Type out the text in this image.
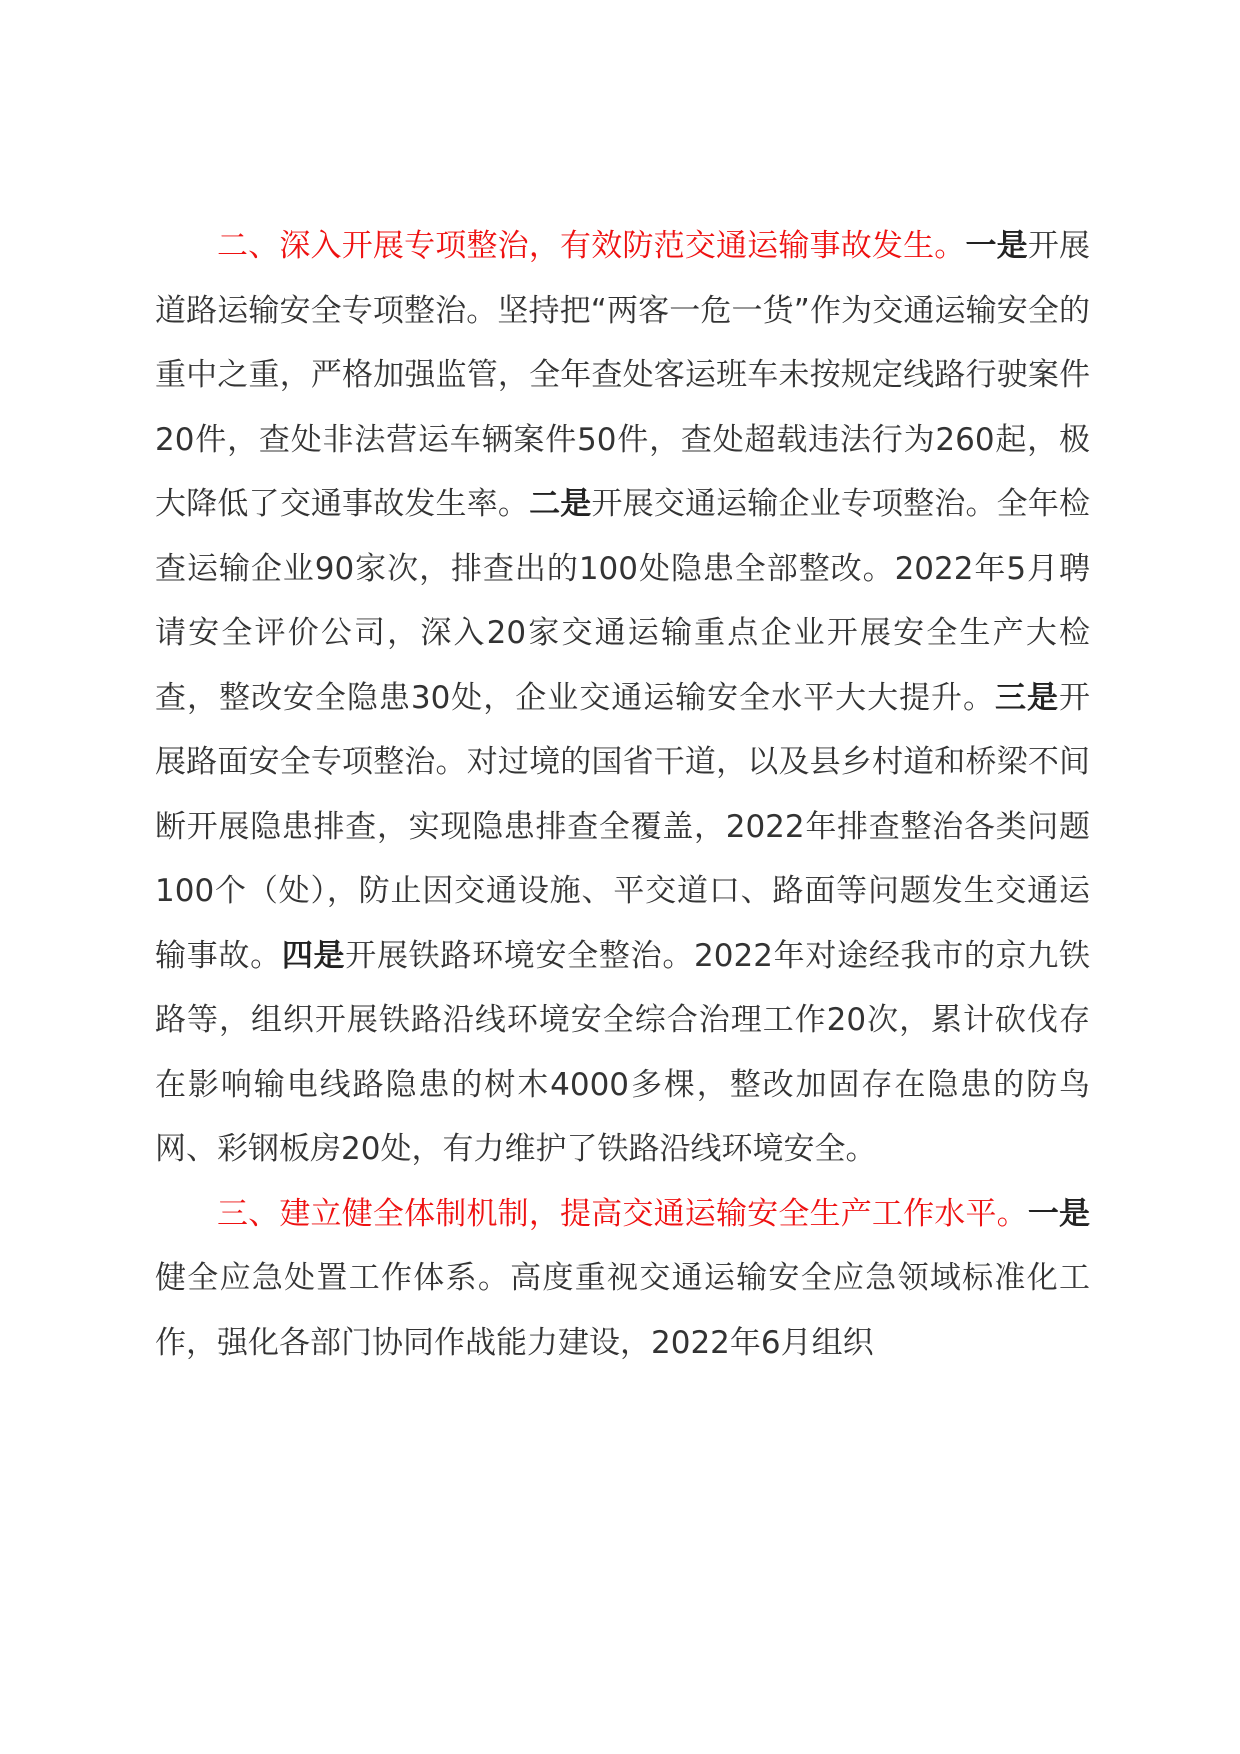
二、深入开展专项整治，有效防范交通运输事故发生。一是开展道路运输安全专项整治。坚持把“两客一危一货”作为交通运输安全的重中之重，严格加强监管，全年查处客运班车未按规定线路行驶案件20件，查处非法营运车辆案件50件，查处超载违法行为260起，极大降低了交通事故发生率。二是开展交通运输企业专项整治。全年检查运输企业90家次，排查出的100处隐患全部整改。2022年5月聘请安全评价公司，深入20家交通运输重点企业开展安全生产大检查，整改安全隐患30处，企业交通运输安全水平大大提升。三是开展路面安全专项整治。对过境的国省干道，以及县乡村道和桥梁不间断开展隐患排查，实现隐患排查全覆盖，2022年排查整治各类问题100个（处），防止因交通设施、平交道口、路面等问题发生交通运输事故。四是开展铁路环境安全整治。2022年对途经我市的京九铁路等，组织开展铁路沿线环境安全综合治理工作20次，累计砍伐存在影响输电线路隐患的树木4000多棵，整改加固存在隐患的防鸟网、彩钢板房20处，有力维护了铁路沿线环境安全。

三、建立健全体制机制，提高交通运输安全生产工作水平。一是健全应急处置工作体系。高度重视交通运输安全应急领域标准化工作，强化各部门协同作战能力建设，2022年6月组织
